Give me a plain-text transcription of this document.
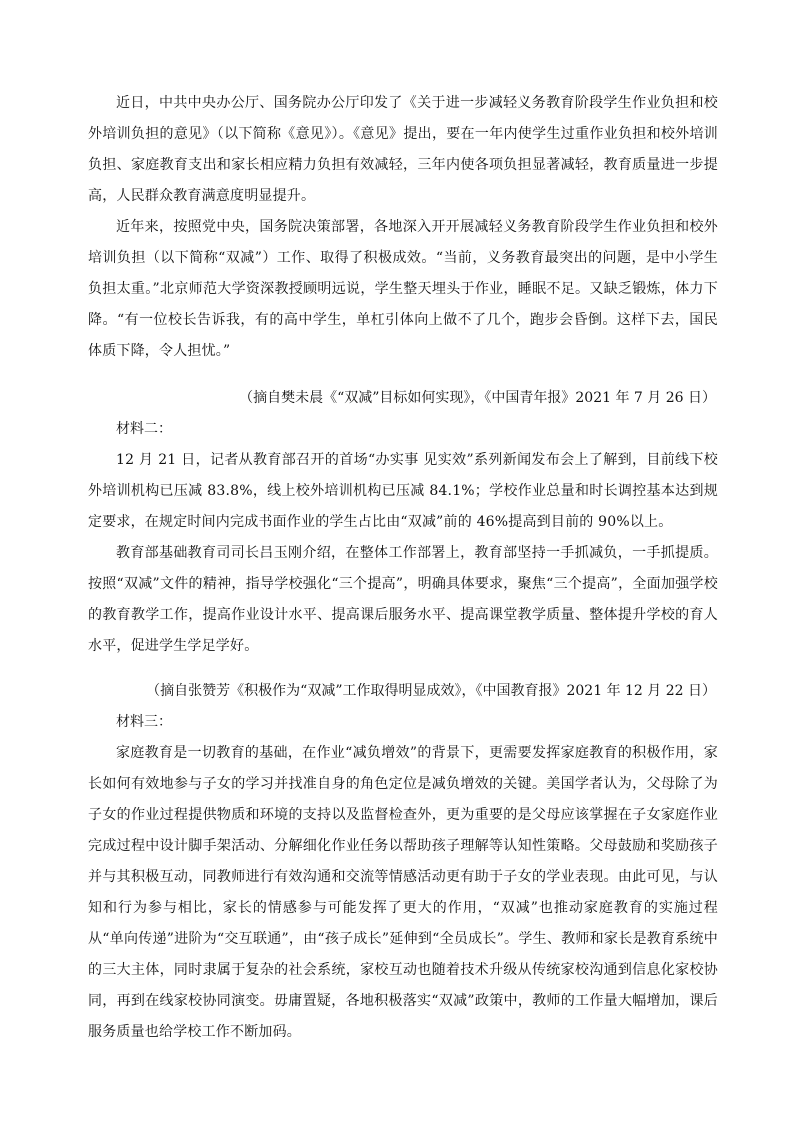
近日，中共中央办公厅、国务院办公厅印发了《关于进一步减轻义务教育阶段学生作业负担和校外培训负担的意见》（以下简称《意见》）。《意见》提出，要在一年内使学生过重作业负担和校外培训负担、家庭教育支出和家长相应精力负担有效减轻，三年内使各项负担显著减轻，教育质量进一步提高，人民群众教育满意度明显提升。

近年来，按照党中央，国务院决策部署，各地深入开开展减轻义务教育阶段学生作业负担和校外培训负担（以下简称“双减”）工作、取得了积极成效。“当前，义务教育最突出的问题，是中小学生负担太重。”北京师范大学资深教授顾明远说，学生整天埋头于作业，睡眠不足。又缺乏锻炼，体力下降。“有一位校长告诉我，有的高中学生，单杠引体向上做不了几个，跑步会昏倒。这样下去，国民体质下降，令人担忧。”

（摘自樊未晨《“双减”目标如何实现》，《中国青年报》2021 年 7 月 26 日）

材料二：

12 月 21 日，记者从教育部召开的首场“办实事 见实效”系列新闻发布会上了解到，目前线下校外培训机构已压减 83.8%，线上校外培训机构已压减 84.1%；学校作业总量和时长调控基本达到规定要求，在规定时间内完成书面作业的学生占比由“双减”前的 46%提高到目前的 90%以上。

教育部基础教育司司长吕玉刚介绍，在整体工作部署上，教育部坚持一手抓减负，一手抓提质。按照“双减”文件的精神，指导学校强化“三个提高”，明确具体要求，聚焦“三个提高”，全面加强学校的教育教学工作，提高作业设计水平、提高课后服务水平、提高课堂教学质量、整体提升学校的育人水平，促进学生学足学好。

（摘自张赞芳《积极作为“双减”工作取得明显成效》，《中国教育报》2021 年 12 月 22 日）

材料三：

家庭教育是一切教育的基础，在作业“减负增效”的背景下，更需要发挥家庭教育的积极作用，家长如何有效地参与子女的学习并找准自身的角色定位是减负增效的关键。美国学者认为，父母除了为子女的作业过程提供物质和环境的支持以及监督检查外，更为重要的是父母应该掌握在子女家庭作业完成过程中设计脚手架活动、分解细化作业任务以帮助孩子理解等认知性策略。父母鼓励和奖励孩子并与其积极互动，同教师进行有效沟通和交流等情感活动更有助于子女的学业表现。由此可见，与认知和行为参与相比，家长的情感参与可能发挥了更大的作用，“双减”也推动家庭教育的实施过程从“单向传递”进阶为“交互联通”，由“孩子成长”延伸到“全员成长”。学生、教师和家长是教育系统中的三大主体，同时隶属于复杂的社会系统，家校互动也随着技术升级从传统家校沟通到信息化家校协同，再到在线家校协同演变。毋庸置疑，各地积极落实“双减”政策中，教师的工作量大幅增加，课后服务质量也给学校工作不断加码。
